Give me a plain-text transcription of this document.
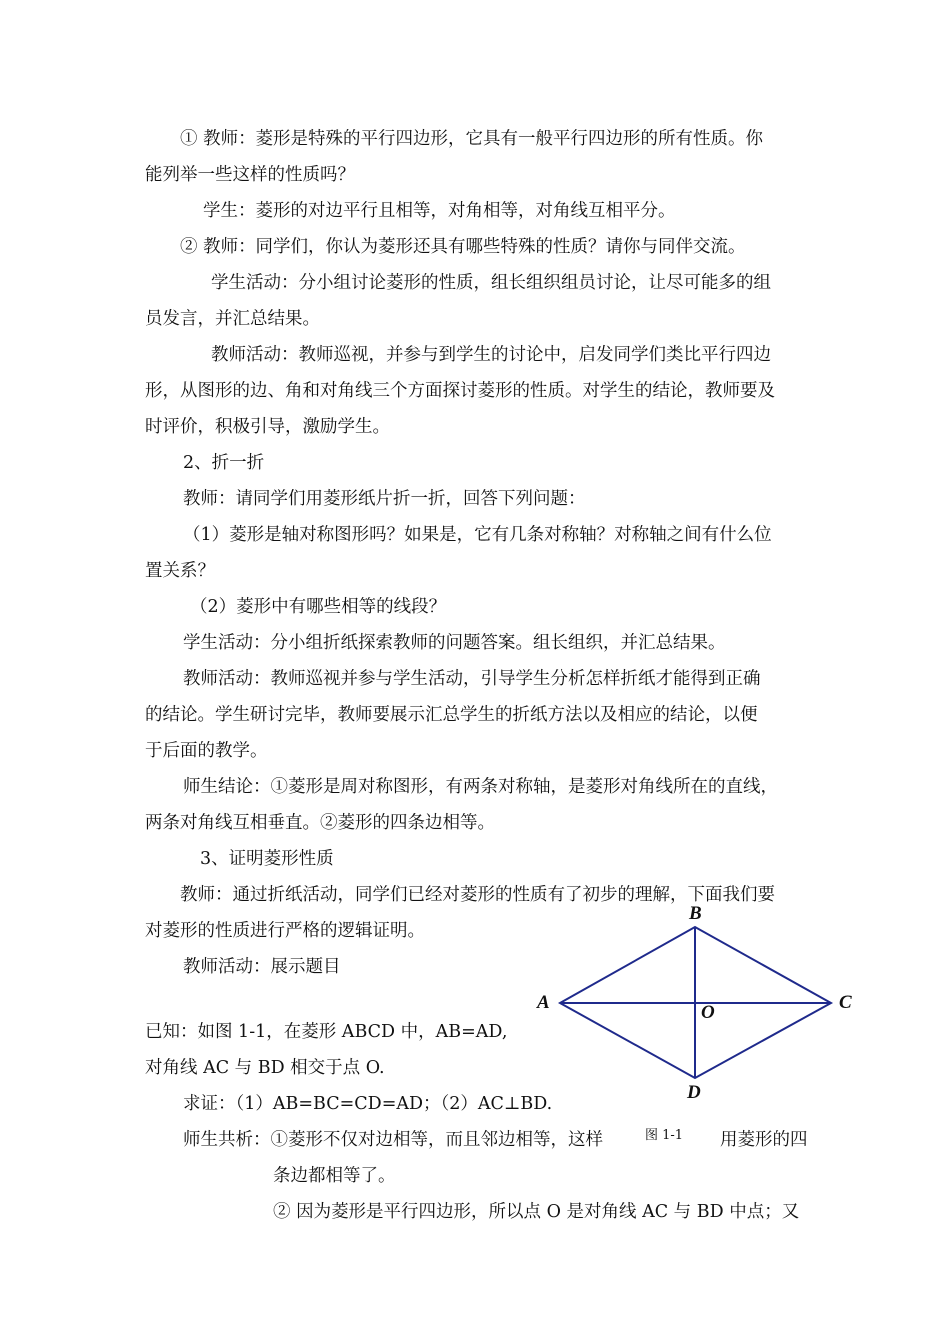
① 教师：菱形是特殊的平行四边形，它具有一般平行四边形的所有性质。你
能列举一些这样的性质吗？
学生：菱形的对边平行且相等，对角相等，对角线互相平分。
② 教师：同学们，你认为菱形还具有哪些特殊的性质？请你与同伴交流。
学生活动：分小组讨论菱形的性质，组长组织组员讨论，让尽可能多的组
员发言，并汇总结果。
教师活动：教师巡视，并参与到学生的讨论中，启发同学们类比平行四边
形，从图形的边、角和对角线三个方面探讨菱形的性质。对学生的结论，教师要及
时评价，积极引导，激励学生。
2、折一折
教师：请同学们用菱形纸片折一折，回答下列问题：
（1）菱形是轴对称图形吗？如果是，它有几条对称轴？对称轴之间有什么位
置关系？
（2）菱形中有哪些相等的线段？
学生活动：分小组折纸探索教师的问题答案。组长组织，并汇总结果。
教师活动：教师巡视并参与学生活动，引导学生分析怎样折纸才能得到正确
的结论。学生研讨完毕，教师要展示汇总学生的折纸方法以及相应的结论，以便
于后面的教学。
师生结论：①菱形是周对称图形，有两条对称轴，是菱形对角线所在的直线，
两条对角线互相垂直。②菱形的四条边相等。
3、证明菱形性质
教师：通过折纸活动，同学们已经对菱形的性质有了初步的理解，下面我们要
对菱形的性质进行严格的逻辑证明。
教师活动：展示题目
已知：如图 1-1，在菱形 ABCD 中，AB=AD,
对角线 AC 与 BD 相交于点 O.
求证：（1）AB=BC=CD=AD；（2）AC⊥BD.
师生共析：①菱形不仅对边相等，而且邻边相等，这样	用菱形的四
条边都相等了。
② 因为菱形是平行四边形，所以点 O 是对角线 AC 与 BD 中点；又
B
A	C
O
D
图 1-1
